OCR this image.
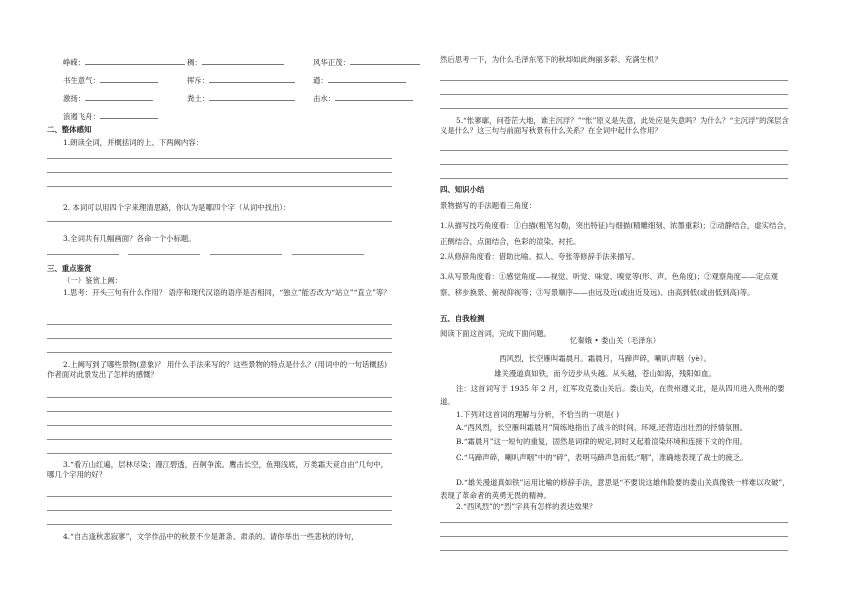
峥嵘：	稠：	风华正茂：
书生意气：	挥斥：	遒：
激扬：	粪土：	击水：
浪遏飞舟：
二、整体感知
1.朗读全词，并概括词的上、下两阙内容：
2. 本词可以用四个字来理清思路，你认为是哪四个字（从词中找出）：
3.全词共有几幅画面？各命一个小标题。
三、重点鉴赏
（一）鉴赏上阙：
1.思考：开头三句有什么作用？ 语序和现代汉语的语序是否相同，“独立”能否改为“站立”“直立”等？
2.上阙写到了哪些景物(意象)？ 用什么手法来写的？这些景物的特点是什么？(用词中的一句话概括) 作者面对此景发出了怎样的感慨？
3.“看万山红遍，层林尽染；漫江碧透，百舸争流。鹰击长空，鱼翔浅底，万类霜天竞自由”几句中，哪几个字用的好？
4.“自古逢秋悲寂寥”，文学作品中的秋景不少是萧条、肃杀的。请你举出一些悲秋的诗句，
然后思考一下，为什么毛泽东笔下的秋却如此绚丽多彩、充满生机？
5.“怅寥廓，问苍茫大地，谁主沉浮？”“怅”原义是失意，此处应是失意吗？为什么？“主沉浮”的深层含义是什么？这三句与前面写秋景有什么关系？在全词中起什么作用？
四、知识小结
景物描写的手法题看三角度：
1.从描写技巧角度看：①白描(粗笔勾勒，突出特征)与细描(精雕细刻、浓墨重彩)；②动静结合，虚实结合，正侧结合，点面结合，色彩的渲染、衬托。
2.从修辞角度看：借助比喻、拟人、夸张等修辞手法来描写。
3.从写景角度看：①感觉角度——视觉、听觉、味觉、嗅觉等(形、声、色角度)；②观察角度——定点观察、移步换景、俯视仰视等；③写景顺序——由远及近(或由近及远)、由高到低(或由低到高)等。
五、自我检测
阅读下面这首词，完成下面问题。
忆秦娥 • 娄山关（毛泽东）
西风烈，长空雁叫霜晨月。霜晨月，马蹄声碎，喇叭声咽（yè）。
雄关漫道真如铁，而今迈步从头越。从头越，苍山如海，残阳如血。
注：这首词写于 1935 年 2 月，红军攻克娄山关后。娄山关，在贵州遵义北，是从四川进入贵州的要道。
1.下列对这首词的理解与分析，不恰当的一项是( )
A.“西风烈，长空雁叫霜晨月”简练地指出了战斗的时间、环境,还营造出壮烈的抒情氛围。
B.“霜晨月”这一短句的重复，固然是词律的规定,同时又起着渲染环境和连接下文的作用。
C.“马蹄声碎，喇叭声咽”中的“碎”，表明马蹄声急而低;“咽”，准确地表现了战士的疲乏。
D.“雄关漫道真如铁”运用比喻的修辞手法，意思是“不要说这雄伟险要的娄山关真像铁一样难以攻破”，表现了革命者的英勇无畏的精神。
2.“西风烈”的“烈”字具有怎样的表达效果？
